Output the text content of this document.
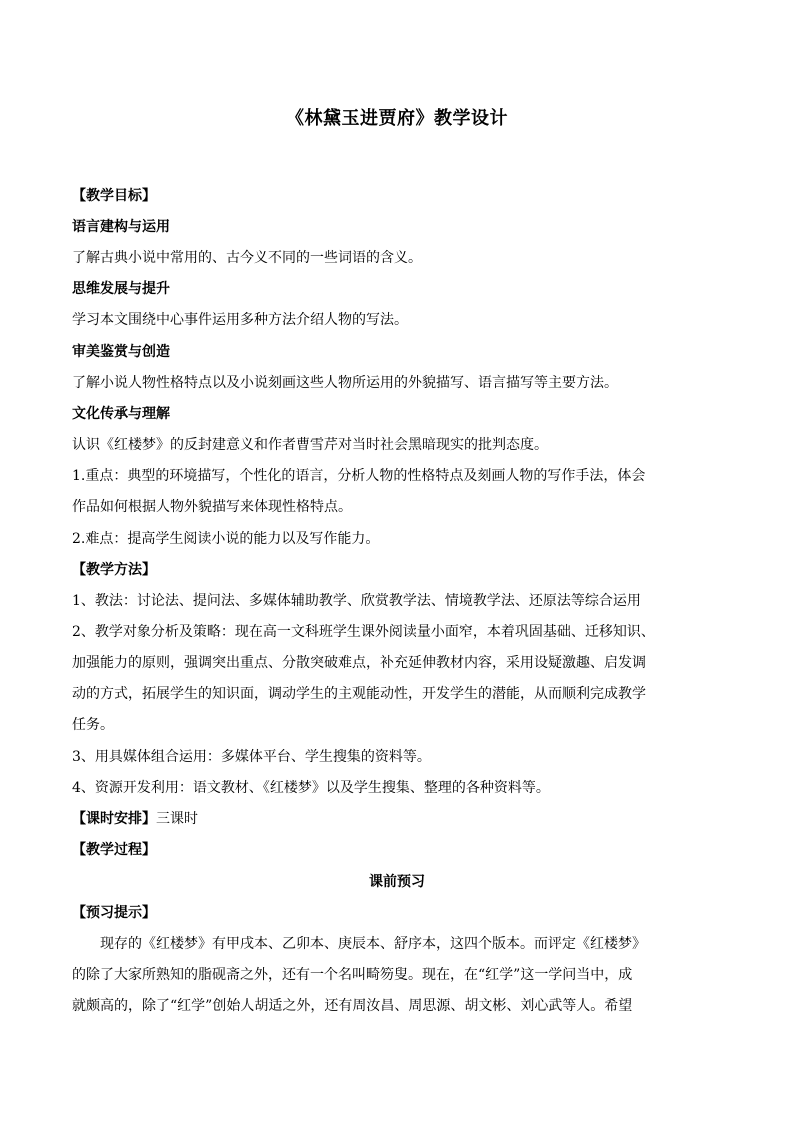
《林黛玉进贾府》教学设计
【教学目标】
语言建构与运用
了解古典小说中常用的、古今义不同的一些词语的含义。
思维发展与提升
学习本文围绕中心事件运用多种方法介绍人物的写法。
审美鉴赏与创造
了解小说人物性格特点以及小说刻画这些人物所运用的外貌描写、语言描写等主要方法。
文化传承与理解
认识《红楼梦》的反封建意义和作者曹雪芹对当时社会黑暗现实的批判态度。
1.重点：典型的环境描写，个性化的语言，分析人物的性格特点及刻画人物的写作手法，体会
作品如何根据人物外貌描写来体现性格特点。
2.难点：提高学生阅读小说的能力以及写作能力。
【教学方法】
1、教法：讨论法、提问法、多媒体辅助教学、欣赏教学法、情境教学法、还原法等综合运用
2、教学对象分析及策略：现在高一文科班学生课外阅读量小面窄，本着巩固基础、迁移知识、
加强能力的原则，强调突出重点、分散突破难点，补充延伸教材内容，采用设疑激趣、启发调
动的方式，拓展学生的知识面，调动学生的主观能动性，开发学生的潜能，从而顺利完成教学
任务。
3、用具媒体组合运用：多媒体平台、学生搜集的资料等。
4、资源开发利用：语文教材、《红楼梦》以及学生搜集、整理的各种资料等。
【课时安排】三课时
【教学过程】
课前预习
【预习提示】
现存的《红楼梦》有甲戌本、乙卯本、庚辰本、舒序本，这四个版本。而评定《红楼梦》
的除了大家所熟知的脂砚斋之外，还有一个名叫畸笏叟。现在，在“红学”这一学问当中，成
就颇高的，除了“红学”创始人胡适之外，还有周汝昌、周思源、胡文彬、刘心武等人。希望
